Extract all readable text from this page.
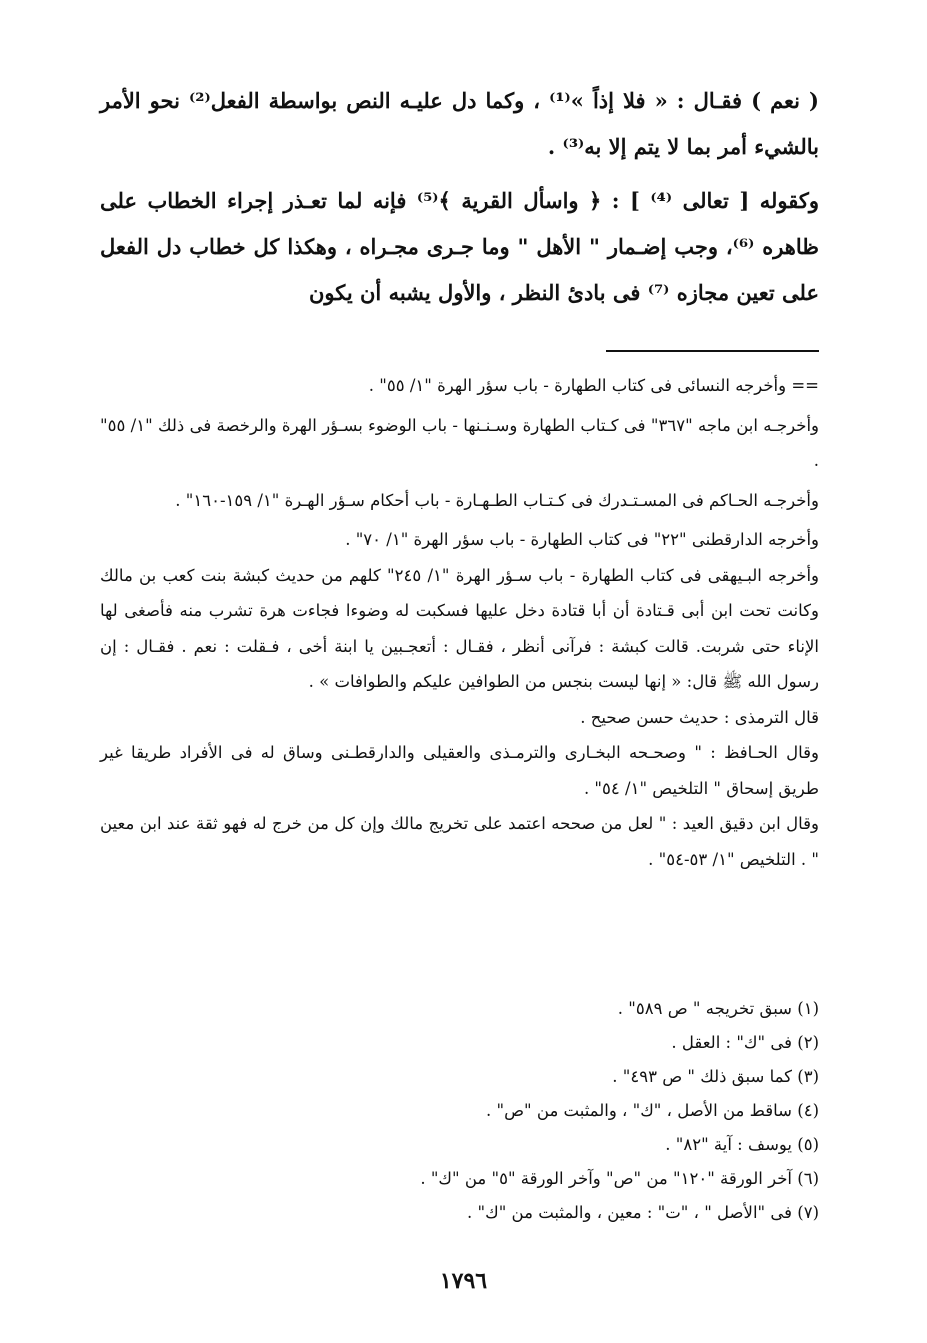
( نعم ) فقـال : « فلا إذاً »⁽¹⁾ ، وكما دل عليـه النص بواسطة الفعل⁽²⁾ نحو الأمر بالشيء أمر بما لا يتم إلا به⁽³⁾ .

وكقوله [ تعالى ⁽⁴⁾ ] : ﴿ واسأل القرية ﴾⁽⁵⁾ فإنه لما تعـذر إجراء الخطاب على ظاهره ⁽⁶⁾، وجب إضـمار " الأهل " وما جـرى مجـراه ، وهكذا كل خطاب دل الفعل على تعين مجازه ⁽⁷⁾ فى بادئ النظر ، والأول يشبه أن يكون

== وأخرجه النسائى فى كتاب الطهارة - باب سؤر الهرة "١/ ٥٥" .

وأخرجـه ابن ماجه "٣٦٧" فى كـتاب الطهارة وسـنـنها - باب الوضوء بسـؤر الهرة والرخصة فى ذلك "١/ ٥٥" .

وأخرجـه الحـاكم فى المسـتـدرك فى كـتـاب الطـهـارة - باب أحكام سـؤر الهـرة "١/ ١٥٩-١٦٠" .

وأخرجه الدارقطنى "٢٢" فى كتاب الطهارة - باب سؤر الهرة "١/ ٧٠" .

وأخرجه البـيهقى فى كتاب الطهارة - باب سـؤر الهرة "١/ ٢٤٥" كلهم من حديث كبشة بنت كعب بن مالك وكانت تحت ابن أبى قـتادة أن أبا قتادة دخل عليها فسكبت له وضوءا فجاءت هرة تشرب منه فأصغى لها الإناء حتى شربت. قالت كبشة : فرآنى أنظر ، فقـال : أتعجـبين يا ابنة أخى ، فـقلت : نعم . فقـال : إن رسول الله ﷺ قال: « إنها ليست بنجس من الطوافين عليكم والطوافات » .

قال الترمذى : حديث حسن صحيح .

وقال الحـافظ : " وصحـحه البخـارى والترمـذى والعقيلى والدارقطـنى وساق له فى الأفراد طريقا غير طريق إسحاق " التلخيص "١/ ٥٤" .

وقال ابن دقيق العيد : " لعل من صححه اعتمد على تخريج مالك وإن كل من خرج له فهو ثقة عند ابن معين " . التلخيص "١/ ٥٣-٥٤" .

(١) سبق تخريجه " ص ٥٨٩" .
(٢) فى "ك" : العقل .
(٣) كما سبق ذلك " ص ٤٩٣" .
(٤) ساقط من الأصل ، "ك" ، والمثبت من "ص" .
(٥) يوسف : آية "٨٢" .
(٦) آخر الورقة "١٢٠" من "ص" وآخر الورقة "٥" من "ك" .
(٧) فى "الأصل " ، "ت" : معين ، والمثبت من "ك" .
١٧٩٦
